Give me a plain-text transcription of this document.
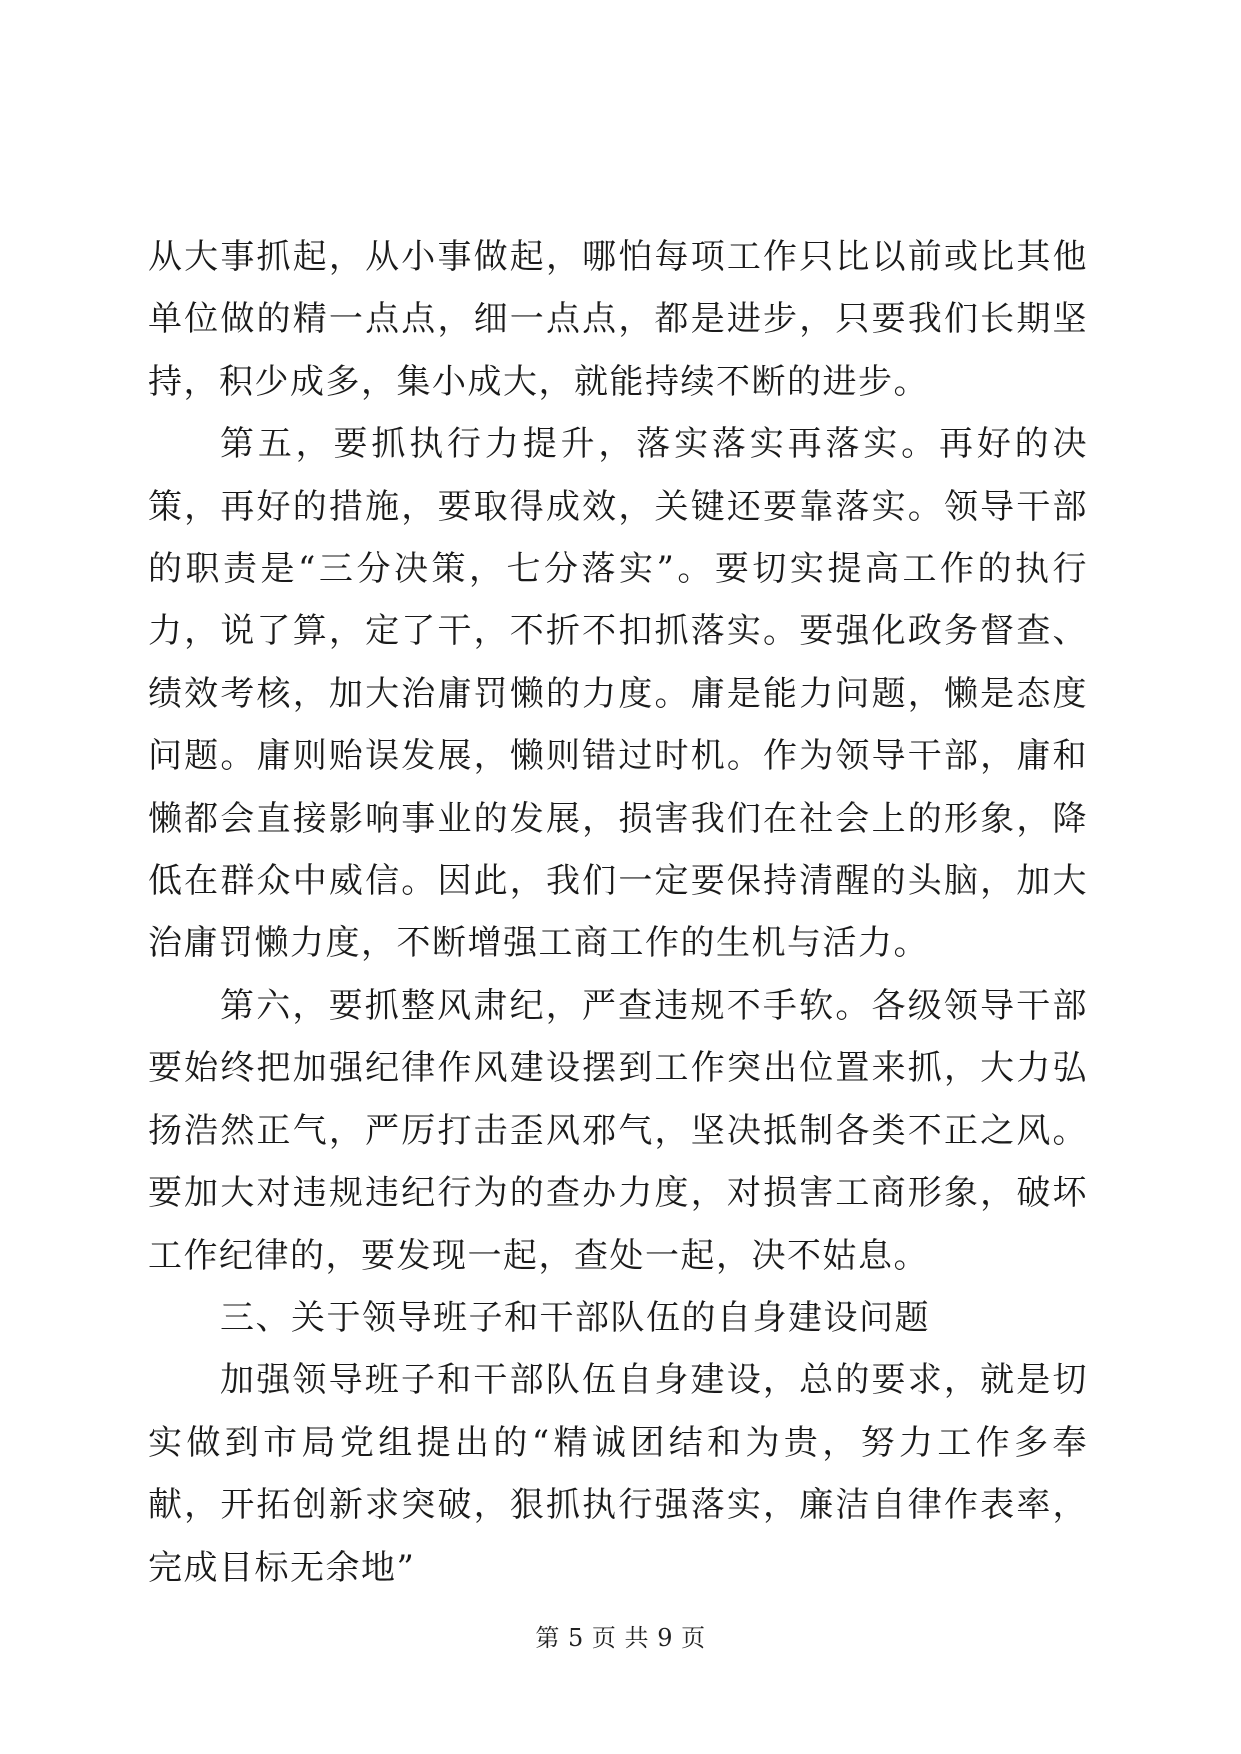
从大事抓起，从小事做起，哪怕每项工作只比以前或比其他单位做的精一点点，细一点点，都是进步，只要我们长期坚持，积少成多，集小成大，就能持续不断的进步。

第五，要抓执行力提升，落实落实再落实。再好的决策，再好的措施，要取得成效，关键还要靠落实。领导干部的职责是“三分决策，七分落实”。要切实提高工作的执行力，说了算，定了干，不折不扣抓落实。要强化政务督查、绩效考核，加大治庸罚懒的力度。庸是能力问题，懒是态度问题。庸则贻误发展，懒则错过时机。作为领导干部，庸和懒都会直接影响事业的发展，损害我们在社会上的形象，降低在群众中威信。因此，我们一定要保持清醒的头脑，加大治庸罚懒力度，不断增强工商工作的生机与活力。

第六，要抓整风肃纪，严查违规不手软。各级领导干部要始终把加强纪律作风建设摆到工作突出位置来抓，大力弘扬浩然正气，严厉打击歪风邪气，坚决抵制各类不正之风。要加大对违规违纪行为的查办力度，对损害工商形象，破坏工作纪律的，要发现一起，查处一起，决不姑息。

三、关于领导班子和干部队伍的自身建设问题

加强领导班子和干部队伍自身建设，总的要求，就是切实做到市局党组提出的“精诚团结和为贵，努力工作多奉献，开拓创新求突破，狠抓执行强落实，廉洁自律作表率，完成目标无余地”

第 5 页 共 9 页
